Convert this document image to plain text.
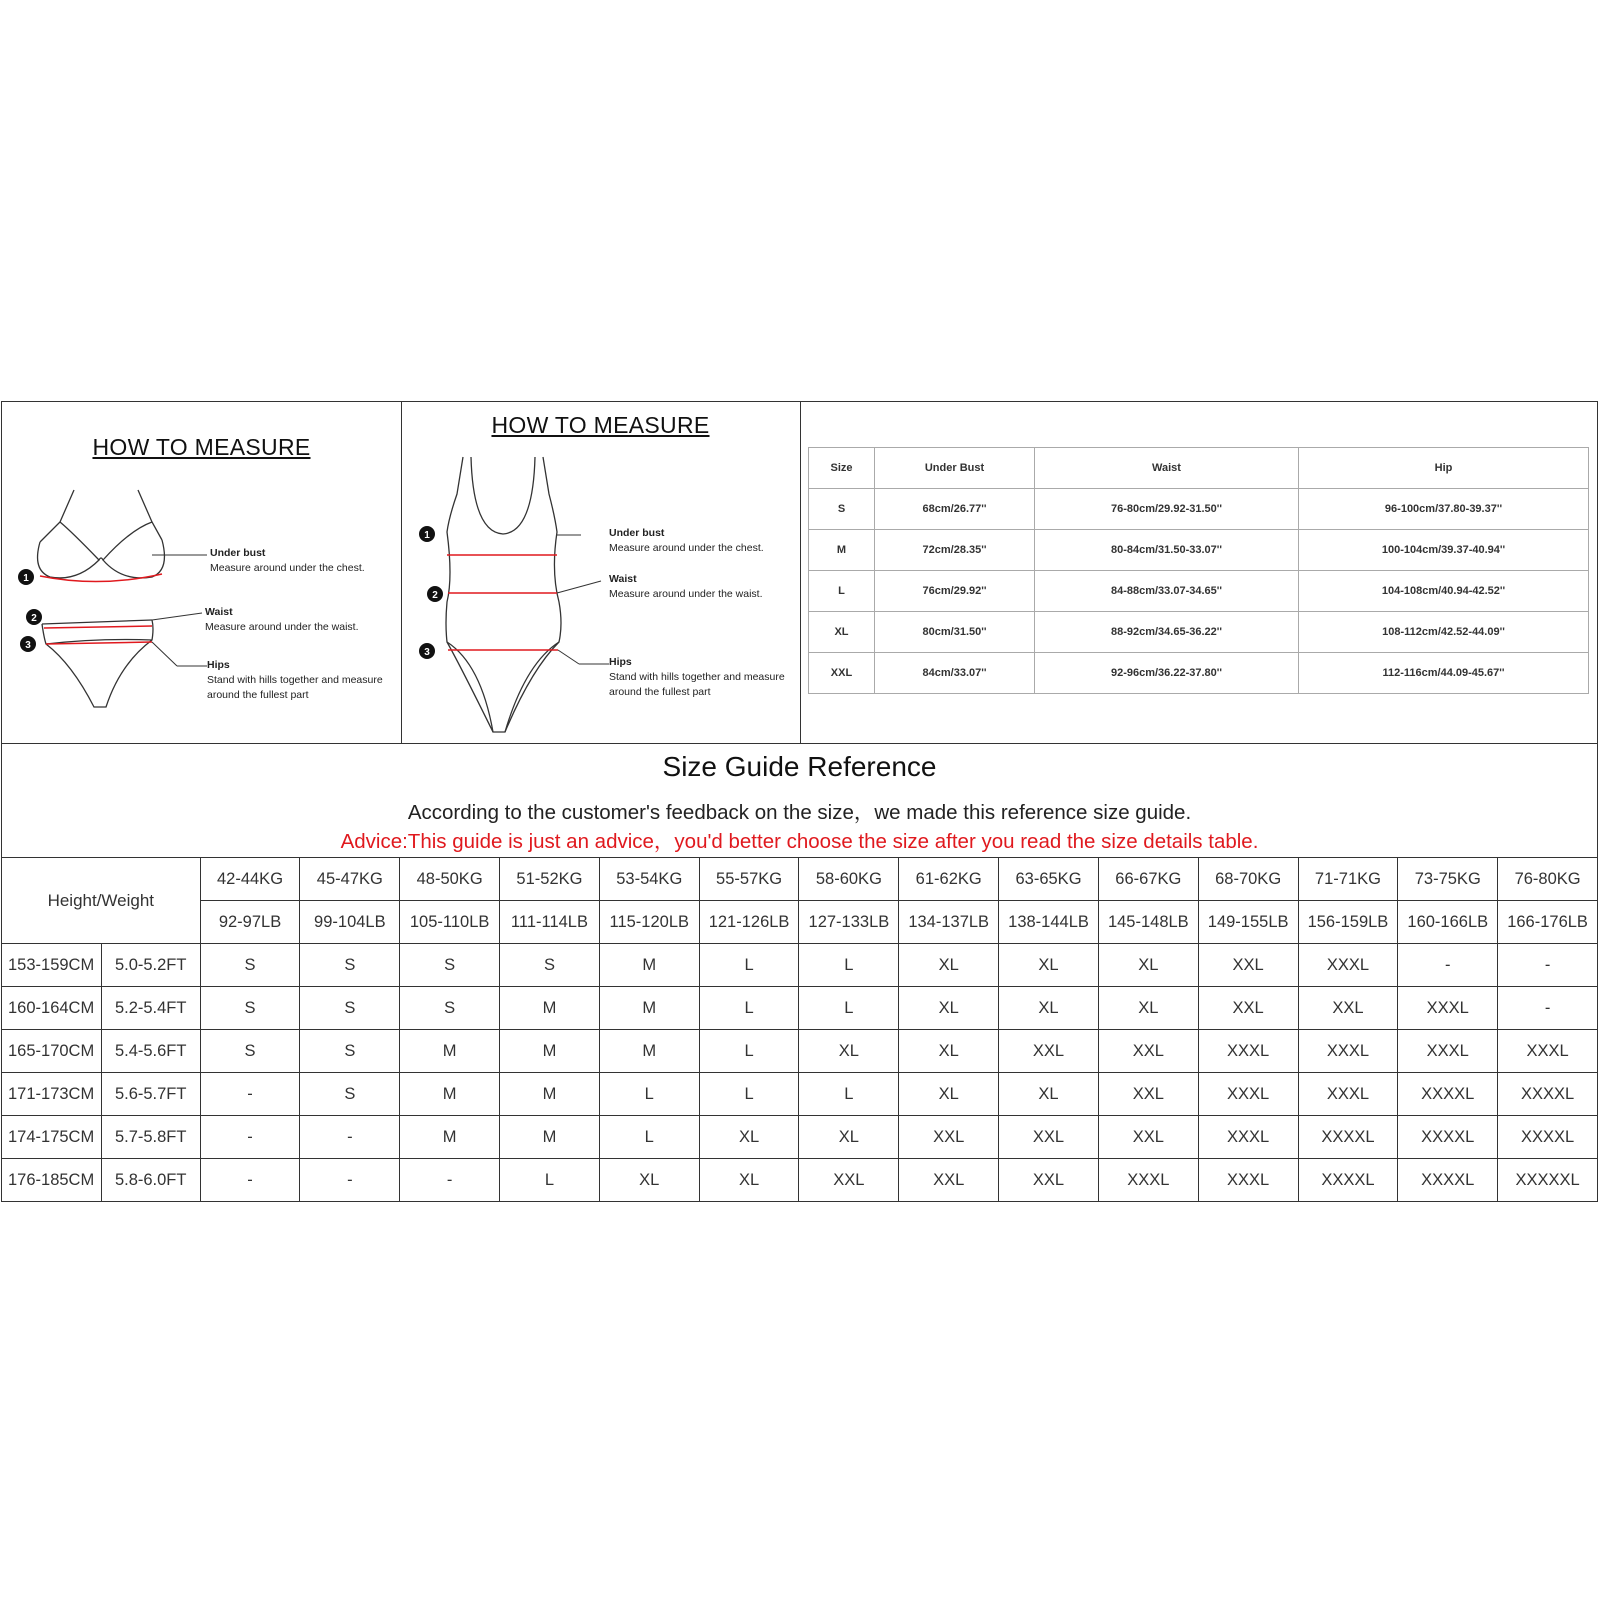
HOW TO MEASURE
1
2
3
Under bust
Measure around under the chest.
Waist
Measure around under the waist.
Hips
Stand with hills together and measure
around the fullest part
HOW TO MEASURE
1
2
3
Under bust
Measure around under the chest.
Waist
Measure around under the waist.
Hips
Stand with hills together and measure
around the fullest part
Size	Under Bust	Waist	Hip
S	68cm/26.77''	76-80cm/29.92-31.50''	96-100cm/37.80-39.37''
M	72cm/28.35''	80-84cm/31.50-33.07''	100-104cm/39.37-40.94''
L	76cm/29.92''	84-88cm/33.07-34.65''	104-108cm/40.94-42.52''
XL	80cm/31.50''	88-92cm/34.65-36.22''	108-112cm/42.52-44.09''
XXL	84cm/33.07''	92-96cm/36.22-37.80''	112-116cm/44.09-45.67''
Size Guide Reference
According to the customer's feedback on the size，we made this reference size guide.
Advice:This guide is just an advice，you'd better choose the size after you read the size details table.
Height/Weight		42-44KG	45-47KG	48-50KG	51-52KG	53-54KG	55-57KG	58-60KG	61-62KG	63-65KG	66-67KG	68-70KG	71-71KG	73-75KG	76-80KG
		92-97LB	99-104LB	105-110LB	111-114LB	115-120LB	121-126LB	127-133LB	134-137LB	138-144LB	145-148LB	149-155LB	156-159LB	160-166LB	166-176LB
153-159CM	5.0-5.2FT	S	S	S	S	M	L	L	XL	XL	XL	XXL	XXXL	-	-
160-164CM	5.2-5.4FT	S	S	S	M	M	L	L	XL	XL	XL	XXL	XXL	XXXL	-
165-170CM	5.4-5.6FT	S	S	M	M	M	L	XL	XL	XXL	XXL	XXXL	XXXL	XXXL	XXXL
171-173CM	5.6-5.7FT	-	S	M	M	L	L	L	XL	XL	XXL	XXXL	XXXL	XXXXL	XXXXL
174-175CM	5.7-5.8FT	-	-	M	M	L	XL	XL	XXL	XXL	XXL	XXXL	XXXXL	XXXXL	XXXXL
176-185CM	5.8-6.0FT	-	-	-	L	XL	XL	XXL	XXL	XXL	XXXL	XXXL	XXXXL	XXXXL	XXXXXL
